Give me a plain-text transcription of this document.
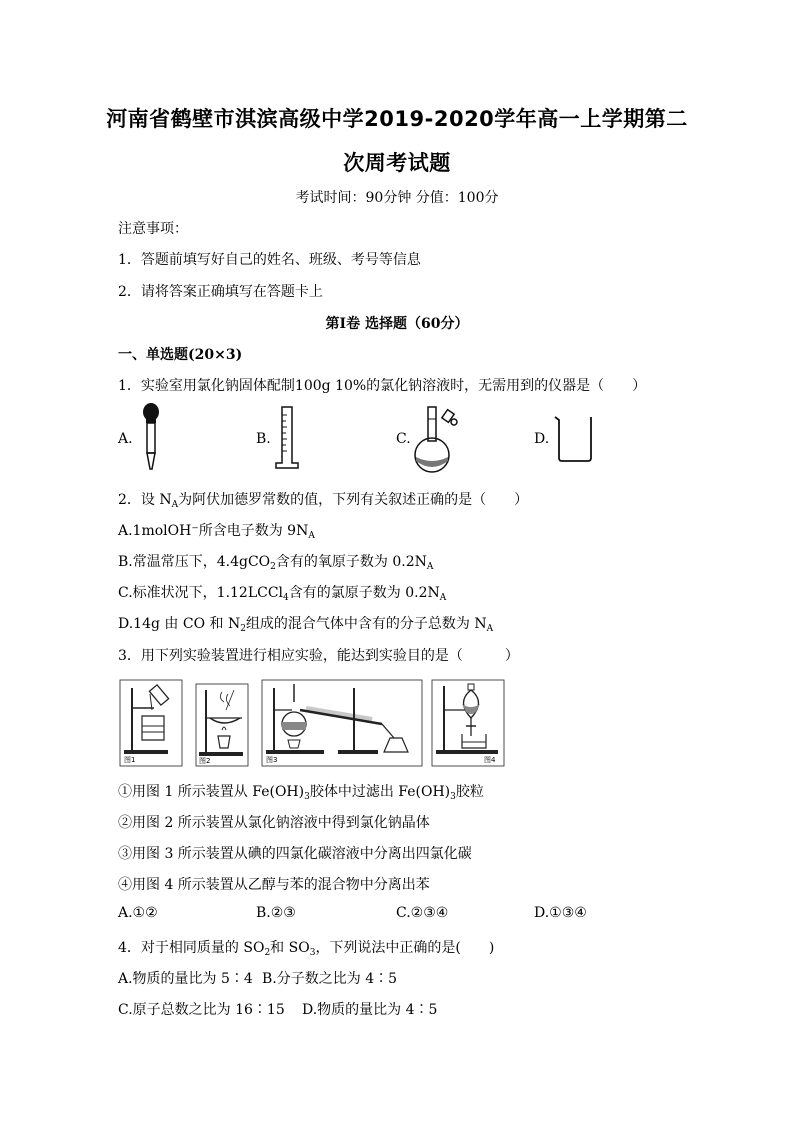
河南省鹤壁市淇滨高级中学2019-2020学年高一上学期第二
次周考试题
考试时间：90分钟 分值：100分
注意事项：
1．答题前填写好自己的姓名、班级、考号等信息
2．请将答案正确填写在答题卡上
第I卷 选择题（60分）
一、单选题(20×3)
1．实验室用氯化钠固体配制100g 10%的氯化钠溶液时，无需用到的仪器是（　　）
A.	B.	C.	D.
2．设 $N_A$为阿伏加德罗常数的值，下列有关叙述正确的是（　　）
A.1molOH⁻所含电子数为 $9N_A$
B.常温常压下，4.4gCO$_2$含有的氧原子数为 $0.2N_A$
C.标准状况下，1.12LCCl$_4$含有的氯原子数为 $0.2N_A$
D.14g 由 CO 和 $N_2$组成的混合气体中含有的分子总数为 $N_A$
3．用下列实验装置进行相应实验，能达到实验目的是（　　　）
图1	图2	图3	图4
①用图 1 所示装置从 $Fe(OH)_3$胶体中过滤出 $Fe(OH)_3$胶粒
②用图 2 所示装置从氯化钠溶液中得到氯化钠晶体
③用图 3 所示装置从碘的四氯化碳溶液中分离出四氯化碳
④用图 4 所示装置从乙醇与苯的混合物中分离出苯
A.①②	B.②③	C.②③④	D.①③④
4．对于相同质量的 $SO_2$和 $SO_3$，下列说法中正确的是(　　)
A.物质的量比为 5∶4 B.分子数之比为 4∶5
C.原子总数之比为 16∶15 D.物质的量比为 4∶5
